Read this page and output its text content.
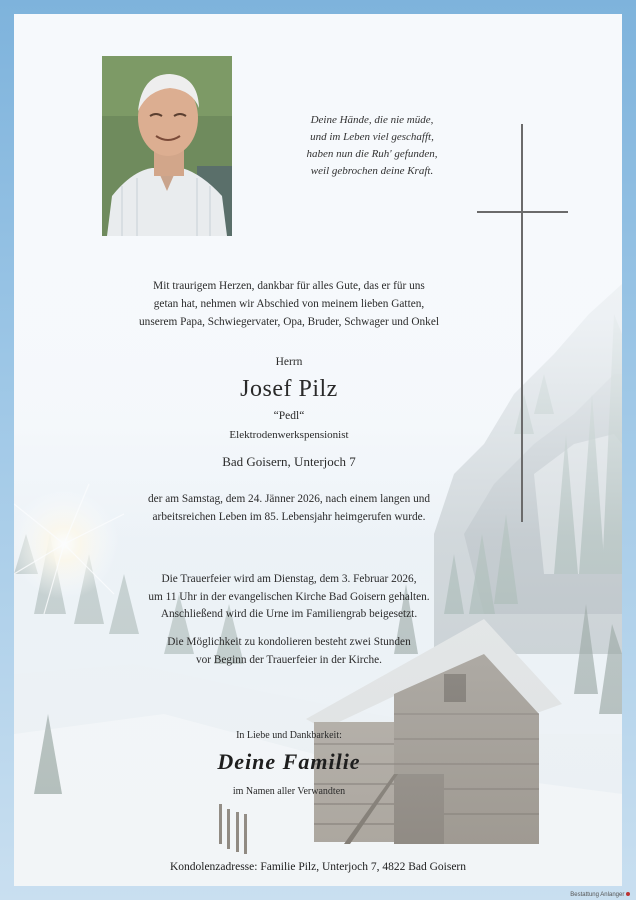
Deine Hände, die nie müde,
und im Leben viel geschafft,
haben nun die Ruh' gefunden,
weil gebrochen deine Kraft.
Mit traurigem Herzen, dankbar für alles Gute, das er für uns
getan hat, nehmen wir Abschied von meinem lieben Gatten,
unserem Papa, Schwiegervater, Opa, Bruder, Schwager und Onkel
Herrn
Josef Pilz
“Pedl“
Elektrodenwerkspensionist
Bad Goisern, Unterjoch 7
der am Samstag, dem 24. Jänner 2026, nach einem langen und
arbeitsreichen Leben im 85. Lebensjahr heimgerufen wurde.
Die Trauerfeier wird am Dienstag, dem 3. Februar 2026,
um 11 Uhr in der evangelischen Kirche Bad Goisern gehalten.
Anschließend wird die Urne im Familiengrab beigesetzt.
Die Möglichkeit zu kondolieren besteht zwei Stunden
vor Beginn der Trauerfeier in der Kirche.
In Liebe und Dankbarkeit:
Deine Familie
im Namen aller Verwandten
Kondolenzadresse: Familie Pilz, Unterjoch 7, 4822 Bad Goisern
Bestattung Anlanger
